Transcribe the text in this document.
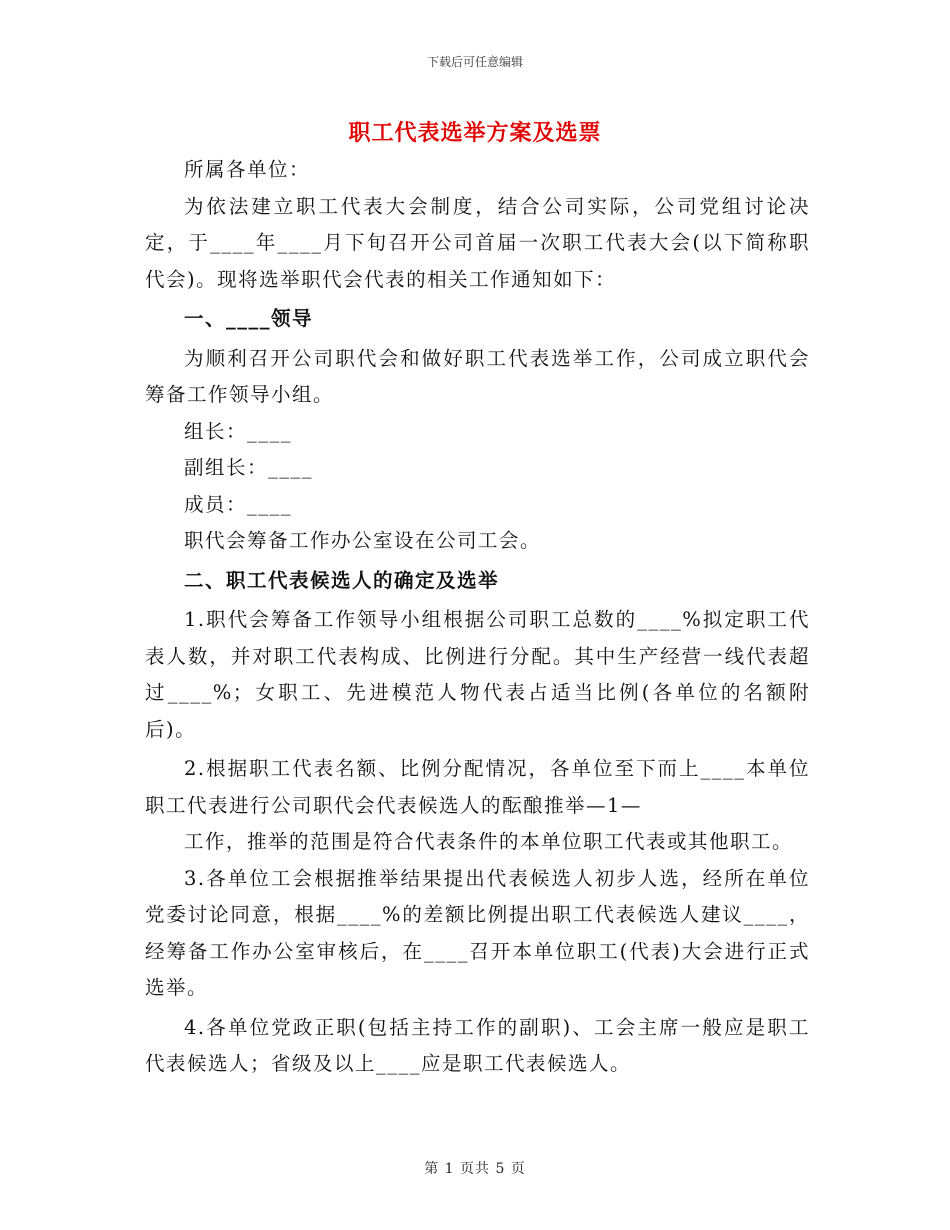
下载后可任意编辑
职工代表选举方案及选票

所属各单位：

为依法建立职工代表大会制度，结合公司实际，公司党组讨论决定，于____年____月下旬召开公司首届一次职工代表大会(以下简称职代会)。现将选举职代会代表的相关工作通知如下：

一、____领导

为顺利召开公司职代会和做好职工代表选举工作，公司成立职代会筹备工作领导小组。

组长：____

副组长：____

成员：____

职代会筹备工作办公室设在公司工会。

二、职工代表候选人的确定及选举

1.职代会筹备工作领导小组根据公司职工总数的____%拟定职工代表人数，并对职工代表构成、比例进行分配。其中生产经营一线代表超过____%；女职工、先进模范人物代表占适当比例(各单位的名额附后)。

2.根据职工代表名额、比例分配情况，各单位至下而上____本单位职工代表进行公司职代会代表候选人的酝酿推举—1—

工作，推举的范围是符合代表条件的本单位职工代表或其他职工。

3.各单位工会根据推举结果提出代表候选人初步人选，经所在单位党委讨论同意，根据____%的差额比例提出职工代表候选人建议____，经筹备工作办公室审核后，在____召开本单位职工(代表)大会进行正式选举。

4.各单位党政正职(包括主持工作的副职)、工会主席一般应是职工代表候选人；省级及以上____应是职工代表候选人。

第 1 页共 5 页
